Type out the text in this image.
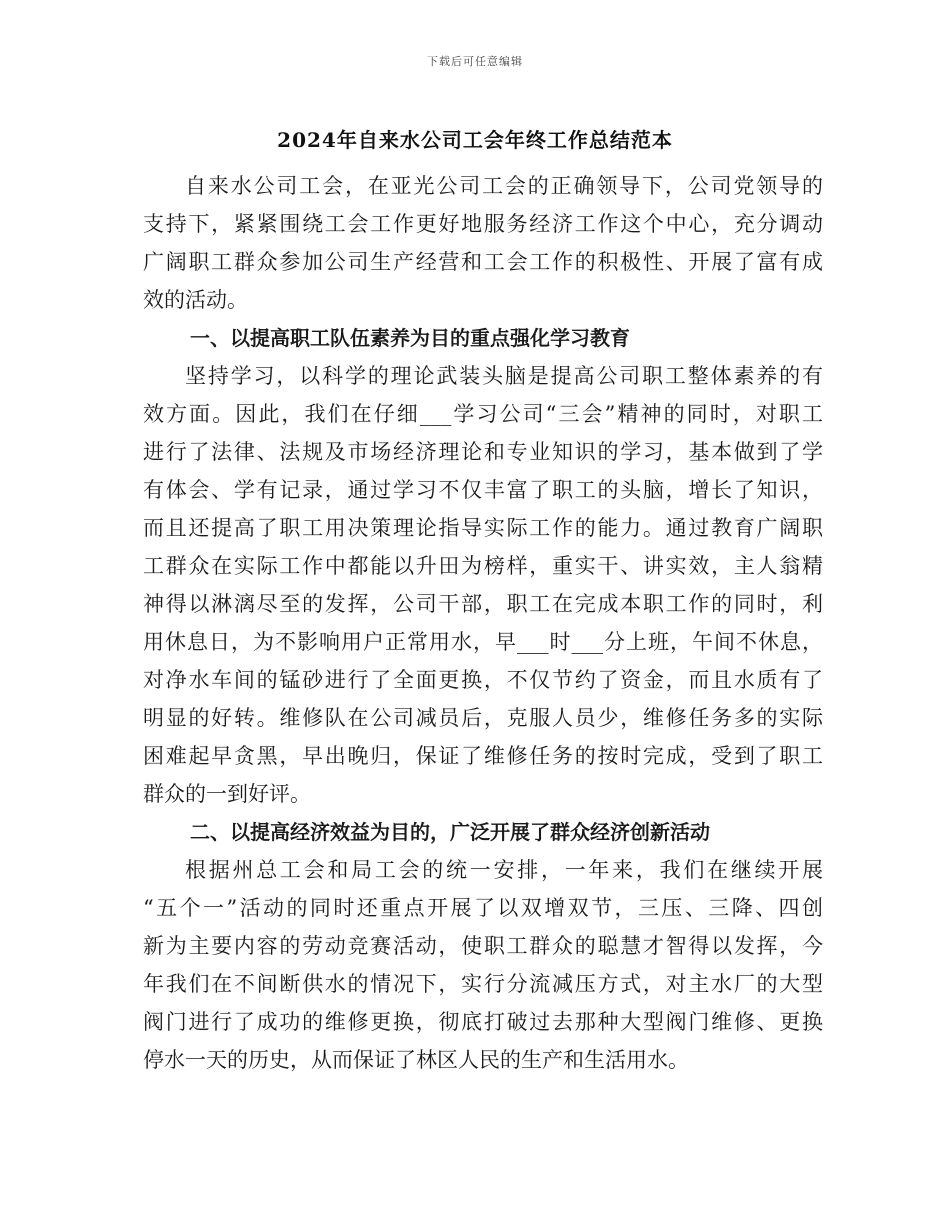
下载后可任意编辑
2024年自来水公司工会年终工作总结范本
自来水公司工会，在亚光公司工会的正确领导下，公司党领导的
支持下，紧紧围绕工会工作更好地服务经济工作这个中心，充分调动
广阔职工群众参加公司生产经营和工会工作的积极性、开展了富有成
效的活动。
一、以提高职工队伍素养为目的重点强化学习教育
坚持学习，以科学的理论武装头脑是提高公司职工整体素养的有
效方面。因此，我们在仔细___学习公司“三会”精神的同时，对职工
进行了法律、法规及市场经济理论和专业知识的学习，基本做到了学
有体会、学有记录，通过学习不仅丰富了职工的头脑，增长了知识，
而且还提高了职工用决策理论指导实际工作的能力。通过教育广阔职
工群众在实际工作中都能以升田为榜样，重实干、讲实效，主人翁精
神得以淋漓尽至的发挥，公司干部，职工在完成本职工作的同时，利
用休息日，为不影响用户正常用水，早___时___分上班，午间不休息，
对净水车间的锰砂进行了全面更换，不仅节约了资金，而且水质有了
明显的好转。维修队在公司减员后，克服人员少，维修任务多的实际
困难起早贪黑，早出晚归，保证了维修任务的按时完成，受到了职工
群众的一到好评。
二、以提高经济效益为目的，广泛开展了群众经济创新活动
根据州总工会和局工会的统一安排，一年来，我们在继续开展
“五个一”活动的同时还重点开展了以双增双节，三压、三降、四创
新为主要内容的劳动竞赛活动，使职工群众的聪慧才智得以发挥，今
年我们在不间断供水的情况下，实行分流减压方式，对主水厂的大型
阀门进行了成功的维修更换，彻底打破过去那种大型阀门维修、更换
停水一天的历史，从而保证了林区人民的生产和生活用水。
